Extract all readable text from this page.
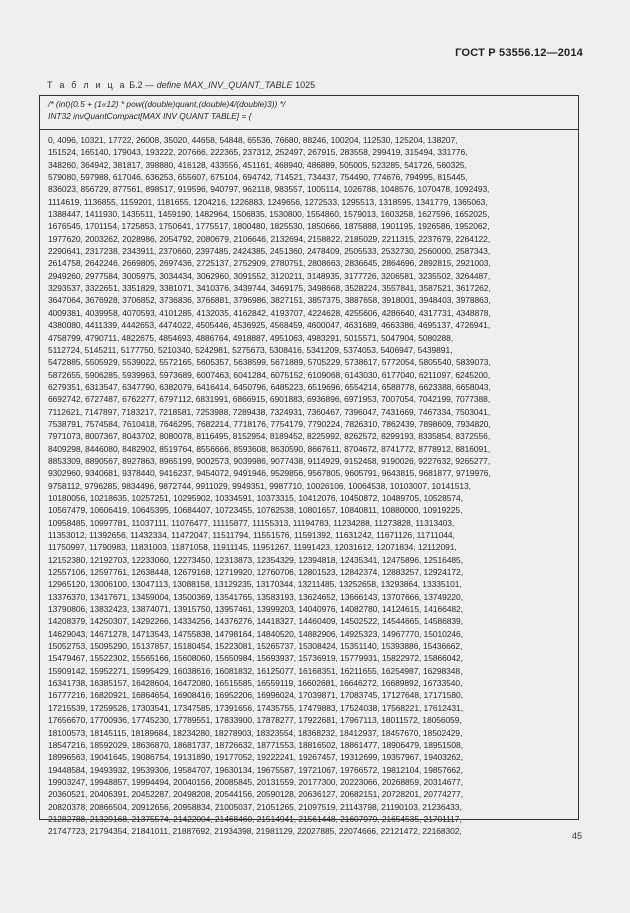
ГОСТ Р 53556.12—2014
Т а б л и ц а Б.2 — define MAX_INV_QUANT_TABLE 1025
/* (int)(0.5 + (1«12) * pow((double)quant,(double)4/(double)3)) */
INT32 invQuantCompact[MAX INV QUANT TABLE] = {
0, 4096, 10321, 17722, 26008, 35020, 44658, 54848, 65536, 76680, 88246, 100204, 112530, 125204, 138207,
151524, 165140, 179043, 193222, 207666, 222365, 237312, 252497, 267915, 283558, 299419, 315494, 331776,
348260, 364942, 381817, 398880, 416128, 433556, 451161, 468940, 486889, 505005, 523285, 541726, 560325,
579080, 597988, 617046, 636253, 655607, 675104, 694742, 714521, 734437, 754490, 774676, 794995, 815445,
836023, 856729, 877561, 898517, 919596, 940797, 962118, 983557, 1005114, 1026788, 1048576, 1070478, 1092493,
1114619, 1136855, 1159201, 1181655, 1204216, 1226883, 1249656, 1272533, 1295513, 1318595, 1341779, 1365063,
1388447, 1411930, 1435511, 1459190, 1482964, 1506835, 1530800, 1554860, 1579013, 1603258, 1627596, 1652025,
1676545, 1701154, 1725853, 1750641, 1775517, 1800480, 1825530, 1850666, 1875888, 1901195, 1926586, 1952062,
1977620, 2003262, 2028986, 2054792, 2080679, 2106646, 2132694, 2158822, 2185029, 2211315, 2237679, 2264122,
2290641, 2317238, 2343911, 2370660, 2397485, 2424385, 2451360, 2478409, 2505533, 2532730, 2560000, 2587343,
2614758, 2642246, 2669805, 2697436, 2725137, 2752909, 2780751, 2808663, 2836645, 2864696, 2892815, 2921003,
2949260, 2977584, 3005975, 3034434, 3062960, 3091552, 3120211, 3148935, 3177726, 3206581, 3235502, 3264487,
3293537, 3322651, 3351829, 3381071, 3410376, 3439744, 3469175, 3498668, 3528224, 3557841, 3587521, 3617262,
3647064, 3676928, 3706852, 3736836, 3766881, 3796986, 3827151, 3857375, 3887658, 3918001, 3948403, 3978863,
4009381, 4039958, 4070593, 4101285, 4132035, 4162842, 4193707, 4224628, 4255606, 4286640, 4317731, 4348878,
4380080, 4411339, 4442653, 4474022, 4505446, 4536925, 4568459, 4600047, 4631689, 4663386, 4695137, 4726941,
4758799, 4790711, 4822675, 4854693, 4886764, 4918887, 4951063, 4983291, 5015571, 5047904, 5080288,
5112724, 5145211, 5177750, 5210340, 5242981, 5275673, 5308416, 5341209, 5374053, 5406947, 5439891,
5472885, 5505929, 5539022, 5572165, 5605357, 5638599, 5671889, 5705229, 5738617, 5772054, 5805540, 5839073,
5872655, 5906285, 5939963, 5973689, 6007463, 6041284, 6075152, 6109068, 6143030, 6177040, 6211097, 6245200,
6279351, 6313547, 6347790, 6382079, 6416414, 6450796, 6485223, 6519696, 6554214, 6588778, 6623388, 6658043,
6692742, 6727487, 6762277, 6797112, 6831991, 6866915, 6901883, 6936896, 6971953, 7007054, 7042199, 7077388,
7112621, 7147897, 7183217, 7218581, 7253988, 7289438, 7324931, 7360467, 7396047, 7431669, 7467334, 7503041,
7538791, 7574584, 7610418, 7646295, 7682214, 7718176, 7754179, 7790224, 7826310, 7862439, 7898609, 7934820,
7971073, 8007367, 8043702, 8080078, 8116495, 8152954, 8189452, 8225992, 8262572, 8299193, 8335854, 8372556,
8409298, 8446080, 8482902, 8519764, 8556666, 8593608, 8630590, 8667611, 8704672, 8741772, 8778912, 8816091,
8853309, 8890567, 8927863, 8965199, 9002573, 9039986, 9077438, 9114929, 9152458, 9190026, 9227632, 9265277,
9302960, 9340681, 9378440, 9416237, 9454072, 9491946, 9529856, 9567805, 9605791, 9643815, 9681877, 9719976,
9758112, 9796285, 9834496, 9872744, 9911029, 9949351, 9987710, 10026106, 10064538, 10103007, 10141513,
10180056, 10218635, 10257251, 10295902, 10334591, 10373315, 10412076, 10450872, 10489705, 10528574,
10567479, 10606419, 10645395, 10684407, 10723455, 10762538, 10801657, 10840811, 10880000, 10919225,
10958485, 10997781, 11037111, 11076477, 11115877, 11155313, 11194783, 11234288, 11273828, 11313403,
11353012, 11392656, 11432334, 11472047, 11511794, 11551576, 11591392, 11631242, 11671126, 11711044,
11750997, 11790983, 11831003, 11871058, 11911145, 11951267, 11991423, 12031612, 12071834, 12112091,
12152380, 12192703, 12233060, 12273450, 12313873, 12354329, 12394818, 12435341, 12475896, 12516485,
12557106, 12597761, 12638448, 12679168, 12719920, 12760706, 12801523, 12842374, 12883257, 12924172,
12965120, 13006100, 13047113, 13088158, 13129235, 13170344, 13211485, 13252658, 13293864, 13335101,
13376370, 13417671, 13459004, 13500369, 13541765, 13583193, 13624652, 13666143, 13707666, 13749220,
13790806, 13832423, 13874071, 13915750, 13957461, 13999203, 14040976, 14082780, 14124615, 14166482,
14208379, 14250307, 14292266, 14334256, 14376276, 14418327, 14460409, 14502522, 14544665, 14586839,
14629043, 14671278, 14713543, 14755838, 14798164, 14840520, 14882906, 14925323, 14967770, 15010246,
15052753, 15095290, 15137857, 15180454, 15223081, 15265737, 15308424, 15351140, 15393886, 15436662,
15479467, 15522302, 15565166, 15608060, 15650984, 15693937, 15736919, 15779931, 15822972, 15866042,
15909142, 15952271, 15995429, 16038616, 16081832, 16125077, 16168351, 16211655, 16254987, 16298348,
16341738, 16385157, 16428604, 16472080, 16515585, 16559119, 16602681, 16646272, 16689892, 16733540,
16777216, 16820921, 16864654, 16908416, 16952206, 16996024, 17039871, 17083745, 17127648, 17171580,
17215539, 17259526, 17303541, 17347585, 17391656, 17435755, 17479883, 17524038, 17568221, 17612431,
17656670, 17700936, 17745230, 17789551, 17833900, 17878277, 17922681, 17967113, 18011572, 18056059,
18100573, 18145115, 18189684, 18234280, 18278903, 18323554, 18368232, 18412937, 18457670, 18502429,
18547216, 18592029, 18636870, 18681737, 18726632, 18771553, 18816502, 18861477, 18906479, 18951508,
18996563, 19041645, 19086754, 19131890, 19177052, 19222241, 19267457, 19312699, 19357967, 19403262,
19448584, 19493932, 19539306, 19584707, 19630134, 19675587, 19721067, 19766572, 19812104, 19857662,
19903247, 19948857, 19994494, 20040156, 20085845, 20131559, 20177300, 20223066, 20268859, 20314677,
20360521, 20406391, 20452287, 20498208, 20544156, 20590128, 20636127, 20682151, 20728201, 20774277,
20820378, 20866504, 20912656, 20958834, 21005037, 21051265, 21097519, 21143798, 21190103, 21236433,
21282788, 21329168, 21375574, 21422004, 21468460, 21514941, 21561448, 21607979, 21654535, 21701117,
21747723, 21794354, 21841011, 21887692, 21934398, 21981129, 22027885, 22074666, 22121472, 22168302,	45
